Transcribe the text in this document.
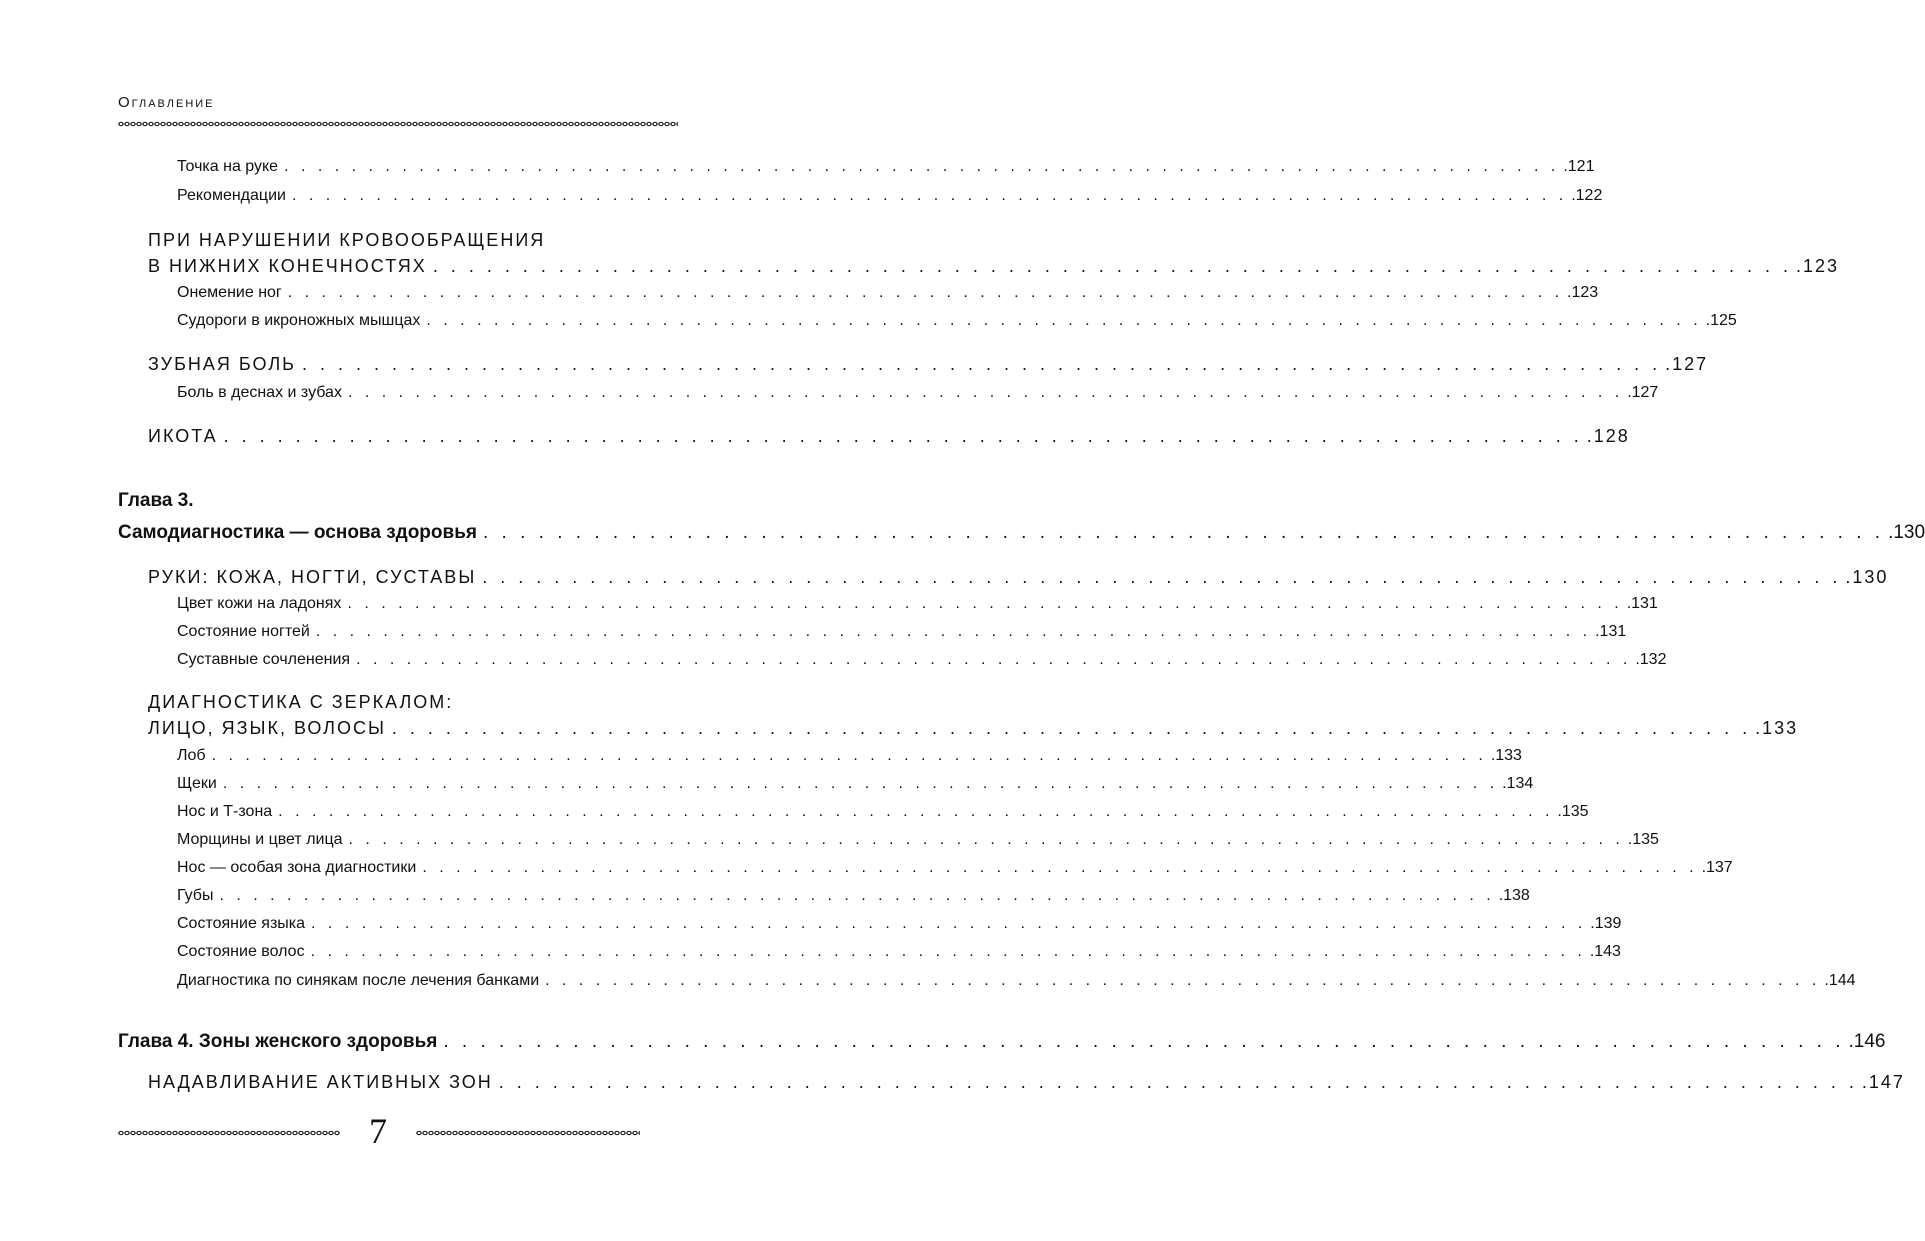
Оглавление
Точка на руке . . . . . . . . . . . . . . . . . . . . . . . . . . . . . . . . . . . . . . . . . . . . . . . . . . . . . . . . . . . . . . . . . . . . . . . . . . . . .121
Рекомендации . . . . . . . . . . . . . . . . . . . . . . . . . . . . . . . . . . . . . . . . . . . . . . . . . . . . . . . . . . . . . . . . . . . . . . . . . . . . .122
ПРИ НАРУШЕНИИ КРОВООБРАЩЕНИЯ
В НИЖНИХ КОНЕЧНОСТЯХ . . . . . . . . . . . . . . . . . . . . . . . . . . . . . . . . . . . . . . . . . . . . . . . . . . . . . . . . . . . . . . . . . . . . . . . . . . . . .123
Онемение ног . . . . . . . . . . . . . . . . . . . . . . . . . . . . . . . . . . . . . . . . . . . . . . . . . . . . . . . . . . . . . . . . . . . . . . . . . . . . .123
Судороги в икроножных мышцах . . . . . . . . . . . . . . . . . . . . . . . . . . . . . . . . . . . . . . . . . . . . . . . . . . . . . . . . . . . . . . . . . . . . . . . . . . . . .125
ЗУБНАЯ БОЛЬ . . . . . . . . . . . . . . . . . . . . . . . . . . . . . . . . . . . . . . . . . . . . . . . . . . . . . . . . . . . . . . . . . . . . . . . . . . . . .127
Боль в деснах и зубах . . . . . . . . . . . . . . . . . . . . . . . . . . . . . . . . . . . . . . . . . . . . . . . . . . . . . . . . . . . . . . . . . . . . . . . . . . . . .127
ИКОТА . . . . . . . . . . . . . . . . . . . . . . . . . . . . . . . . . . . . . . . . . . . . . . . . . . . . . . . . . . . . . . . . . . . . . . . . . . . . .128
Глава 3.
Самодиагностика — основа здоровья . . . . . . . . . . . . . . . . . . . . . . . . . . . . . . . . . . . . . . . . . . . . . . . . . . . . . . . . . . . . . . . . . . . . . . . . . . . . .130
РУКИ: КОЖА, НОГТИ, СУСТАВЫ . . . . . . . . . . . . . . . . . . . . . . . . . . . . . . . . . . . . . . . . . . . . . . . . . . . . . . . . . . . . . . . . . . . . . . . . . . . . .130
Цвет кожи на ладонях . . . . . . . . . . . . . . . . . . . . . . . . . . . . . . . . . . . . . . . . . . . . . . . . . . . . . . . . . . . . . . . . . . . . . . . . . . . . .131
Состояние ногтей . . . . . . . . . . . . . . . . . . . . . . . . . . . . . . . . . . . . . . . . . . . . . . . . . . . . . . . . . . . . . . . . . . . . . . . . . . . . .131
Суставные сочленения . . . . . . . . . . . . . . . . . . . . . . . . . . . . . . . . . . . . . . . . . . . . . . . . . . . . . . . . . . . . . . . . . . . . . . . . . . . . .132
ДИАГНОСТИКА С ЗЕРКАЛОМ:
ЛИЦО, ЯЗЫК, ВОЛОСЫ . . . . . . . . . . . . . . . . . . . . . . . . . . . . . . . . . . . . . . . . . . . . . . . . . . . . . . . . . . . . . . . . . . . . . . . . . . . . .133
Лоб . . . . . . . . . . . . . . . . . . . . . . . . . . . . . . . . . . . . . . . . . . . . . . . . . . . . . . . . . . . . . . . . . . . . . . . . . . . . .133
Щеки . . . . . . . . . . . . . . . . . . . . . . . . . . . . . . . . . . . . . . . . . . . . . . . . . . . . . . . . . . . . . . . . . . . . . . . . . . . . .134
Нос и Т-зона . . . . . . . . . . . . . . . . . . . . . . . . . . . . . . . . . . . . . . . . . . . . . . . . . . . . . . . . . . . . . . . . . . . . . . . . . . . . .135
Морщины и цвет лица . . . . . . . . . . . . . . . . . . . . . . . . . . . . . . . . . . . . . . . . . . . . . . . . . . . . . . . . . . . . . . . . . . . . . . . . . . . . .135
Нос — особая зона диагностики . . . . . . . . . . . . . . . . . . . . . . . . . . . . . . . . . . . . . . . . . . . . . . . . . . . . . . . . . . . . . . . . . . . . . . . . . . . . .137
Губы . . . . . . . . . . . . . . . . . . . . . . . . . . . . . . . . . . . . . . . . . . . . . . . . . . . . . . . . . . . . . . . . . . . . . . . . . . . . .138
Состояние языка . . . . . . . . . . . . . . . . . . . . . . . . . . . . . . . . . . . . . . . . . . . . . . . . . . . . . . . . . . . . . . . . . . . . . . . . . . . . .139
Состояние волос . . . . . . . . . . . . . . . . . . . . . . . . . . . . . . . . . . . . . . . . . . . . . . . . . . . . . . . . . . . . . . . . . . . . . . . . . . . . .143
Диагностика по синякам после лечения банками . . . . . . . . . . . . . . . . . . . . . . . . . . . . . . . . . . . . . . . . . . . . . . . . . . . . . . . . . . . . . . . . . . . . . . . . . . . . .144
Глава 4. Зоны женского здоровья . . . . . . . . . . . . . . . . . . . . . . . . . . . . . . . . . . . . . . . . . . . . . . . . . . . . . . . . . . . . . . . . . . . . . . . . . . . . .146
НАДАВЛИВАНИЕ АКТИВНЫХ ЗОН . . . . . . . . . . . . . . . . . . . . . . . . . . . . . . . . . . . . . . . . . . . . . . . . . . . . . . . . . . . . . . . . . . . . . . . . . . . . .147
7
